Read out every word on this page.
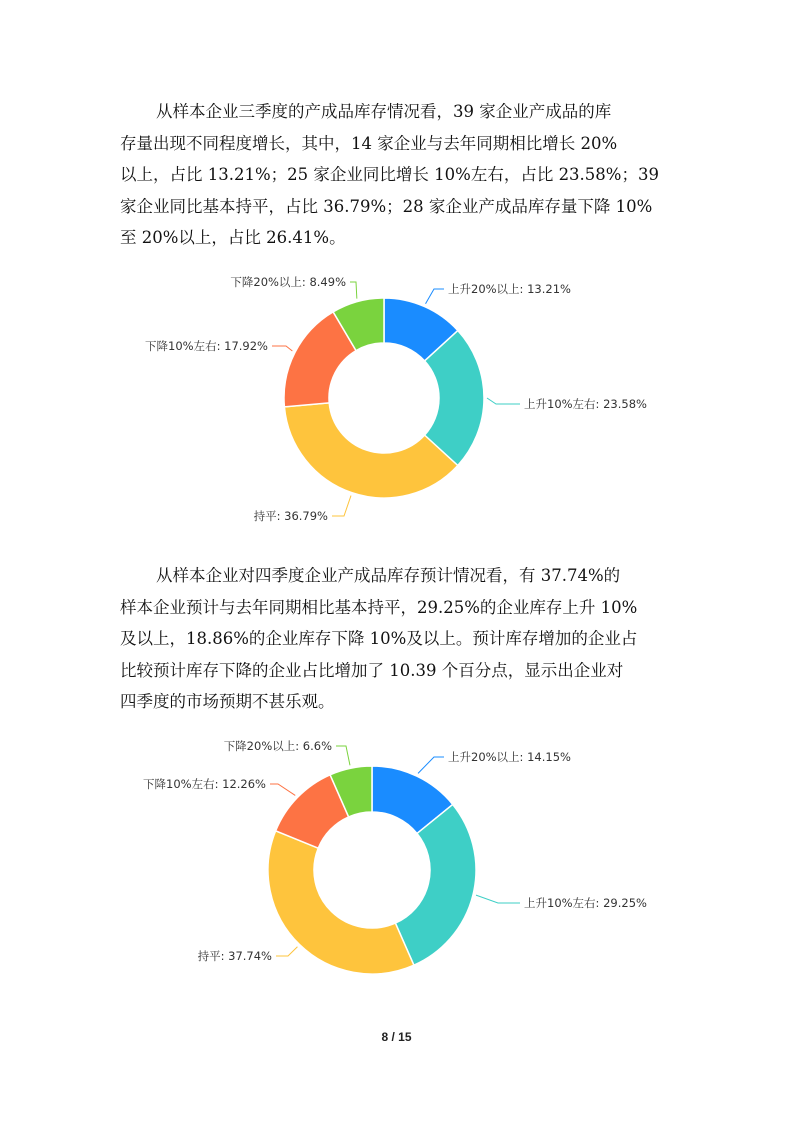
从样本企业三季度的产成品库存情况看，39 家企业产成品的库
存量出现不同程度增长，其中，14 家企业与去年同期相比增长 20%
以上，占比 13.21%；25 家企业同比增长 10%左右，占比 23.58%；39
家企业同比基本持平，占比 36.79%；28 家企业产成品库存量下降 10%
至 20%以上，占比 26.41%。
上升20%以上: 13.21%
上升10%左右: 23.58%
持平: 36.79%
下降10%左右: 17.92%
下降20%以上: 8.49%
从样本企业对四季度企业产成品库存预计情况看，有 37.74%的
样本企业预计与去年同期相比基本持平，29.25%的企业库存上升 10%
及以上，18.86%的企业库存下降 10%及以上。预计库存增加的企业占
比较预计库存下降的企业占比增加了 10.39 个百分点，显示出企业对
四季度的市场预期不甚乐观。
上升20%以上: 14.15%
上升10%左右: 29.25%
持平: 37.74%
下降10%左右: 12.26%
下降20%以上: 6.6%
8 / 15
